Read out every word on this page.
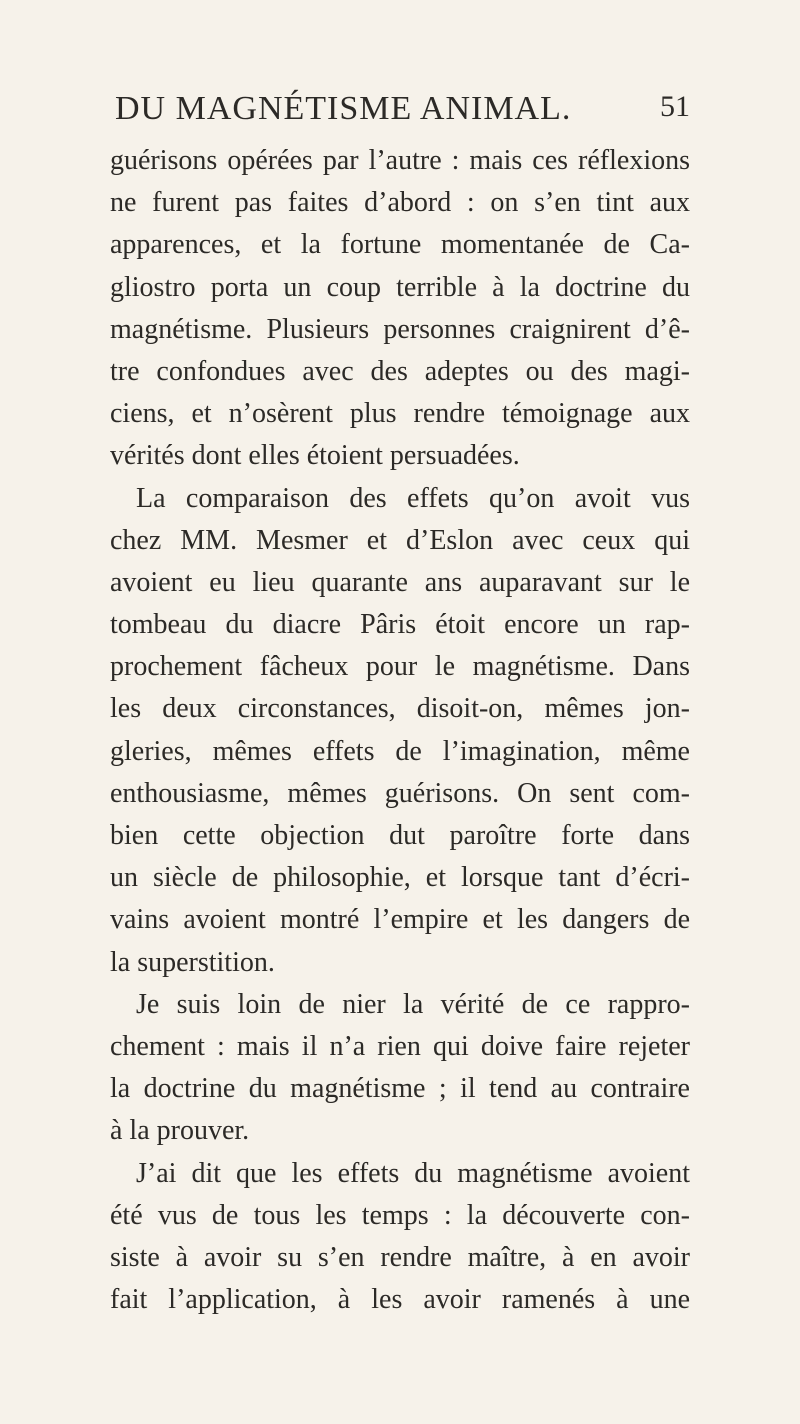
DU MAGNÉTISME ANIMAL.	51
guérisons opérées par l’autre : mais ces réflexions
ne furent pas faites d’abord : on s’en tint aux
apparences, et la fortune momentanée de Ca-
gliostro porta un coup terrible à la doctrine du
magnétisme. Plusieurs personnes craignirent d’ê-
tre confondues avec des adeptes ou des magi-
ciens, et n’osèrent plus rendre témoignage aux
vérités dont elles étoient persuadées.
La comparaison des effets qu’on avoit vus
chez MM. Mesmer et d’Eslon avec ceux qui
avoient eu lieu quarante ans auparavant sur le
tombeau du diacre Pâris étoit encore un rap-
prochement fâcheux pour le magnétisme. Dans
les deux circonstances, disoit-on, mêmes jon-
gleries, mêmes effets de l’imagination, même
enthousiasme, mêmes guérisons. On sent com-
bien cette objection dut paroître forte dans
un siècle de philosophie, et lorsque tant d’écri-
vains avoient montré l’empire et les dangers de
la superstition.
Je suis loin de nier la vérité de ce rappro-
chement : mais il n’a rien qui doive faire rejeter
la doctrine du magnétisme ; il tend au contraire
à la prouver.
J’ai dit que les effets du magnétisme avoient
été vus de tous les temps : la découverte con-
siste à avoir su s’en rendre maître, à en avoir
fait l’application, à les avoir ramenés à une
